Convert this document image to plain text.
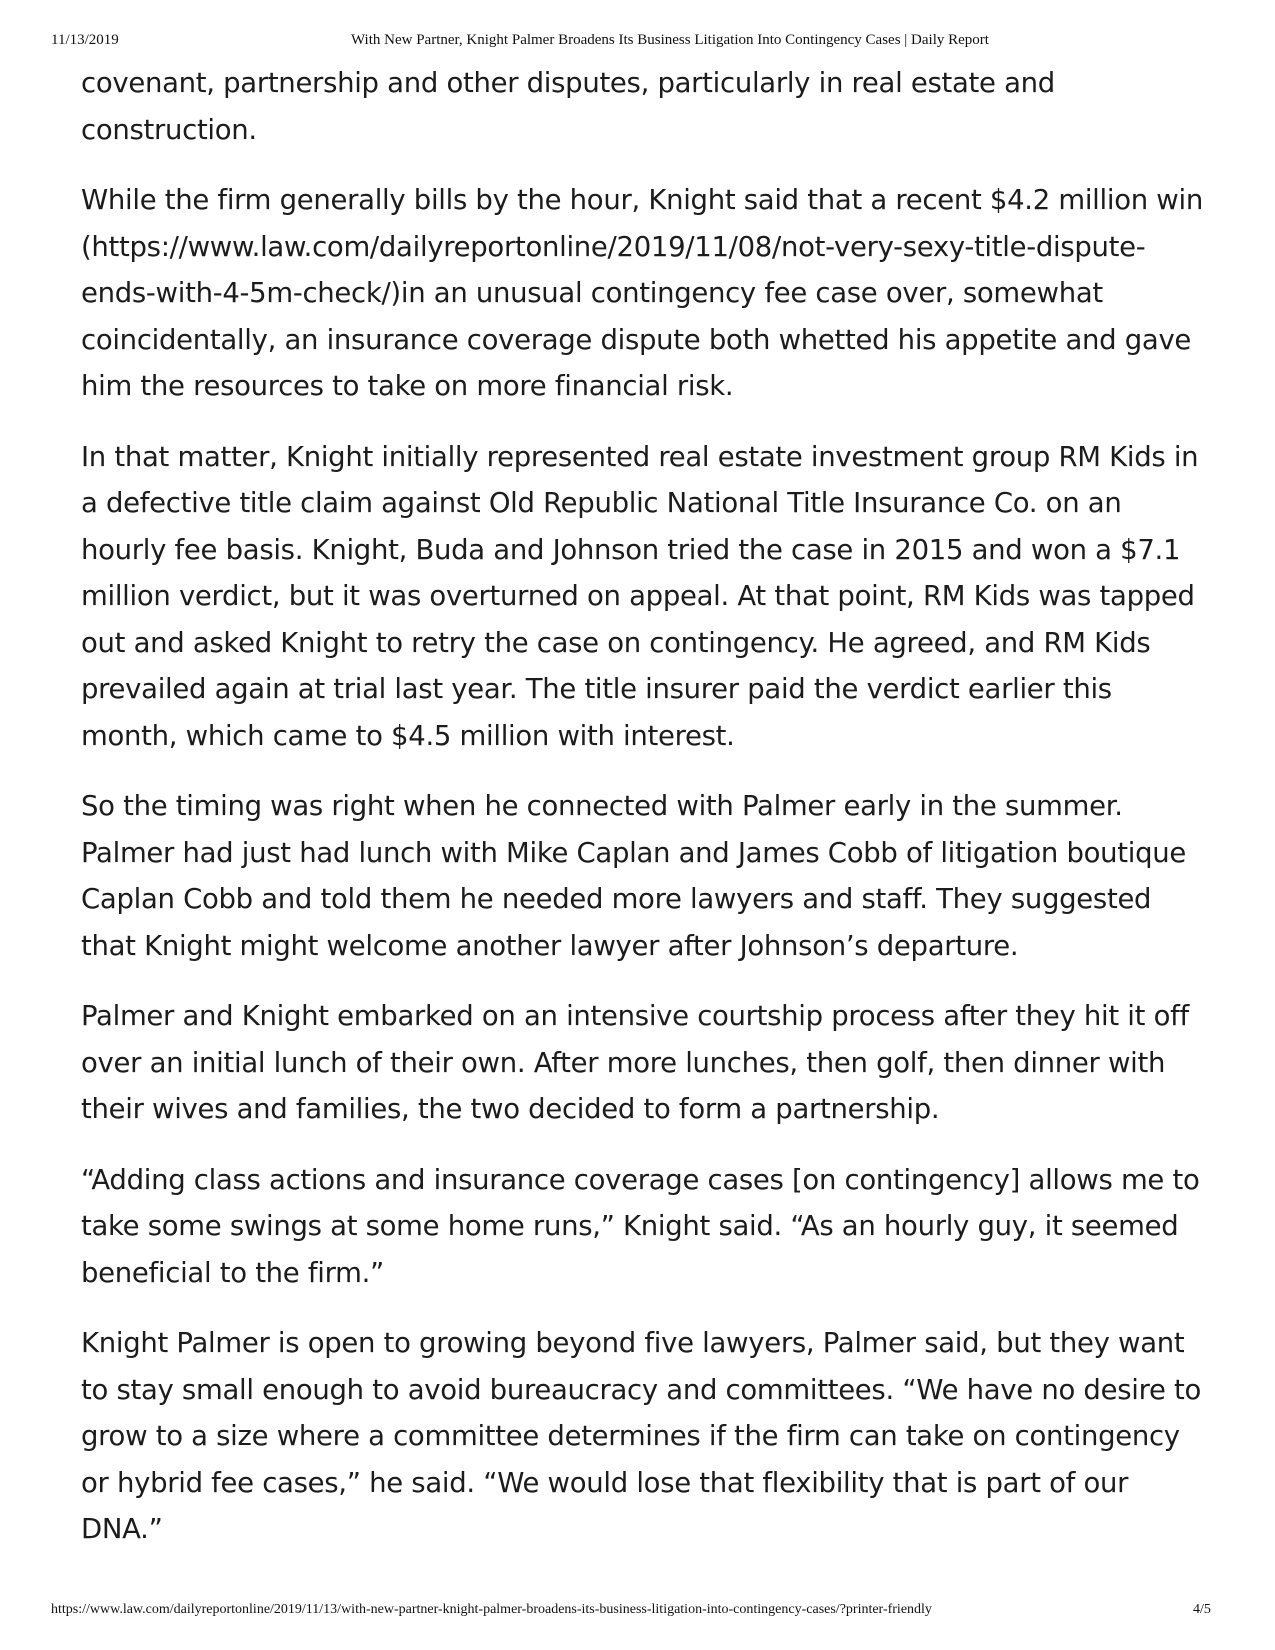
11/13/2019	With New Partner, Knight Palmer Broadens Its Business Litigation Into Contingency Cases | Daily Report

covenant, partnership and other disputes, particularly in real estate and construction.

While the firm generally bills by the hour, Knight said that a recent $4.2 million win (https://www.law.com/dailyreportonline/2019/11/08/not-very-sexy-title-dispute-ends-with-4-5m-check/)in an unusual contingency fee case over, somewhat coincidentally, an insurance coverage dispute both whetted his appetite and gave him the resources to take on more financial risk.

In that matter, Knight initially represented real estate investment group RM Kids in a defective title claim against Old Republic National Title Insurance Co. on an hourly fee basis. Knight, Buda and Johnson tried the case in 2015 and won a $7.1 million verdict, but it was overturned on appeal. At that point, RM Kids was tapped out and asked Knight to retry the case on contingency. He agreed, and RM Kids prevailed again at trial last year. The title insurer paid the verdict earlier this month, which came to $4.5 million with interest.

So the timing was right when he connected with Palmer early in the summer. Palmer had just had lunch with Mike Caplan and James Cobb of litigation boutique Caplan Cobb and told them he needed more lawyers and staff. They suggested that Knight might welcome another lawyer after Johnson’s departure.

Palmer and Knight embarked on an intensive courtship process after they hit it off over an initial lunch of their own. After more lunches, then golf, then dinner with their wives and families, the two decided to form a partnership.

“Adding class actions and insurance coverage cases [on contingency] allows me to take some swings at some home runs,” Knight said. “As an hourly guy, it seemed beneficial to the firm.”

Knight Palmer is open to growing beyond five lawyers, Palmer said, but they want to stay small enough to avoid bureaucracy and committees. “We have no desire to grow to a size where a committee determines if the firm can take on contingency or hybrid fee cases,” he said. “We would lose that flexibility that is part of our DNA.”

https://www.law.com/dailyreportonline/2019/11/13/with-new-partner-knight-palmer-broadens-its-business-litigation-into-contingency-cases/?printer-friendly	4/5
